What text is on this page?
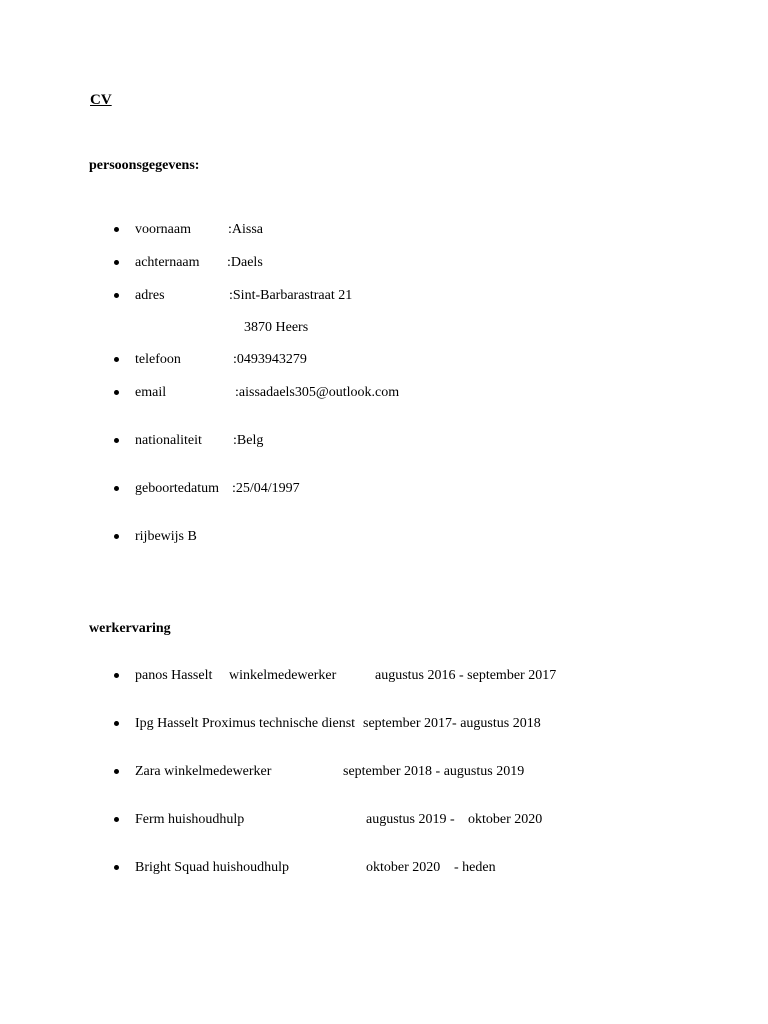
CV
persoonsgegevens:
voornaam	:Aissa
achternaam :Daels
adres	:Sint-Barbarastraat 21
3870 Heers
telefoon	:0493943279
email	:aissadaels305@outlook.com
nationaliteit :Belg
geboortedatum :25/04/1997
rijbewijs B
werkervaring
panos Hasselt winkelmedewerker	augustus 2016 - september 2017
Ipg Hasselt Proximus technische dienst september 2017- augustus 2018
Zara winkelmedewerker	september 2018 - augustus 2019
Ferm huishoudhulp	augustus 2019 - oktober 2020
Bright Squad huishoudhulp	oktober 2020 - heden
